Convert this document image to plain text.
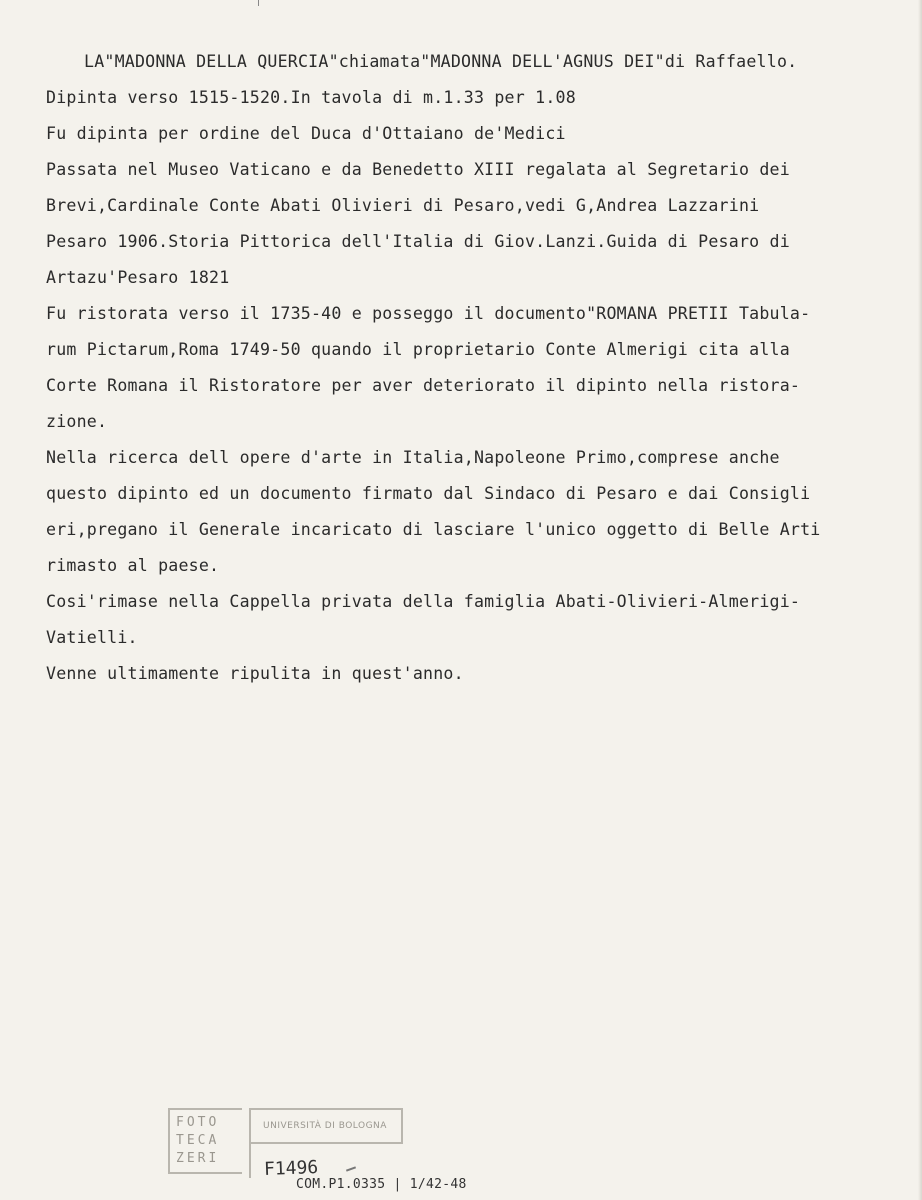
LA"MADONNA DELLA QUERCIA"chiamata"MADONNA DELL'AGNUS DEI"di Raffaello.
Dipinta verso 1515-1520.In tavola di m.1.33 per 1.08
Fu dipinta per ordine del Duca d'Ottaiano de'Medici
Passata nel Museo Vaticano e da Benedetto XIII regalata al Segretario dei
Brevi,Cardinale Conte Abati Olivieri di Pesaro,vedi G,Andrea Lazzarini
Pesaro 1906.Storia Pittorica dell'Italia di Giov.Lanzi.Guida di Pesaro di
Artazu'Pesaro 1821
Fu ristorata verso il 1735-40 e posseggo il documento"ROMANA PRETII Tabula-
rum Pictarum,Roma 1749-50 quando il proprietario Conte Almerigi cita alla
Corte Romana il Ristoratore per aver deteriorato il dipinto nella ristora-
zione.
Nella ricerca dell opere d'arte in Italia,Napoleone Primo,comprese anche
questo dipinto ed un documento firmato dal Sindaco di Pesaro e dai Consigli
eri,pregano il Generale incaricato di lasciare l'unico oggetto di Belle Arti
rimasto al paese.
Cosi'rimase nella Cappella privata della famiglia Abati-Olivieri-Almerigi-
Vatielli.
Venne ultimamente ripulita in quest'anno.
FOTO
TECA
ZERI
UNIVERSITÀ DI BOLOGNA
F1496
COM.P1.0335 | 1/42-48
